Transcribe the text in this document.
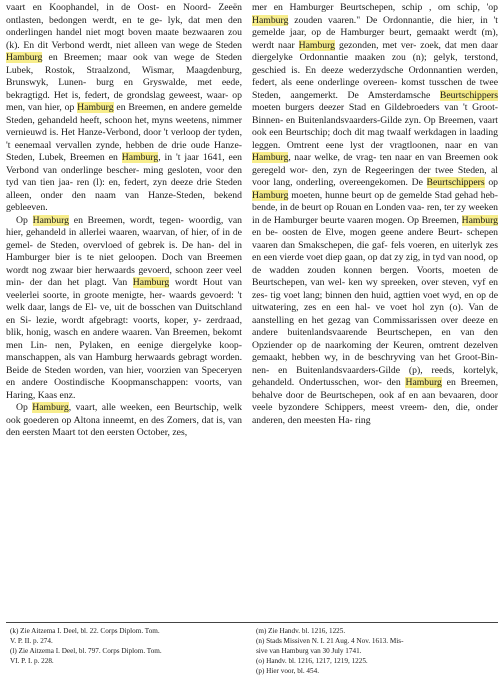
vaart en Koophandel, in de Oost- en Noord- Zeeën ontlasten, bedongen werdt, en te ge- lyk, dat men den onderlingen handel niet mogt boven maate bezwaaren zou (k). En dit Verbond werdt, niet alleen van wege de Steden Hamburg en Breemen; maar ook van wege de Steden Lubek, Rostok, Straalzond, Wismar, Maagdenburg, Brunswyk, Lunen- burg en Gryswalde, met eede, bekragtigd. Het is, federt, de grondslag geweest, waar- op men, van hier, op Hamburg en Breemen, en andere gemelde Steden, gehandeld heeft, schoon het, myns weetens, nimmer vernieuwd is. Het Hanze-Verbond, door 't verloop der tyden, 't eenemaal vervallen zynde, hebben de drie oude Hanze-Steden, Lubek, Breemen en Hamburg, in 't jaar 1641, een Verbond van onderlinge bescher- ming gesloten, voor den tyd van tien jaa- ren (l): en, federt, zyn deeze drie Steden alleen, onder den naam van Hanze-Steden, bekend gebleeven.

Op Hamburg en Breemen, wordt, tegen- woordig, van hier, gehandeld in allerlei waaren, waarvan, of hier, of in de gemel- de Steden, overvloed of gebrek is. De han- del in Hamburger bier is te niet geloopen. Doch van Breemen wordt nog zwaar bier herwaards gevoerd, schoon zeer veel min- der dan het plagt. Van Hamburg wordt Hout van veelerlei soorte, in groote menigte, her- waards gevoerd: 't welk daar, langs de El- ve, uit de bosschen van Duitschland en Si- lezie, wordt afgebragt: voorts, koper, y- zerdraad, blik, honig, wasch en andere waaren. Van Breemen, bekomt men Lin- nen, Pylaken, en eenige diergelyke koop- manschappen, als van Hamburg herwaards gebragt worden. Beide de Steden worden, van hier, voorzien van Speceryen en andere Oostindische Koopmanschappen: voorts, van Haring, Kaas enz.

Op Hamburg, vaart, alle weeken, een Beurtschip, welk ook goederen op Altona inneemt, en des Zomers, dat is, van den eersten Maart tot den eersten October, zes,

mer en Hamburger Beurtschepen, schip , om schip, 'op Hamburg zouden vaaren." De Ordonnantie, die hier, in 't gemelde jaar, op de Hamburger beurt, gemaakt werdt (m), werdt naar Hamburg gezonden, met ver- zoek, dat men daar diergelyke Ordonnantie maaken zou (n); gelyk, terstond, geschied is. En deeze wederzydsche Ordonnantien werden, federt, als eene onderlinge overeen- komst tusschen de twee Steden, aangemerkt. De Amsterdamsche Beurtschippers moeten burgers deezer Stad en Gildebroeders van 't Groot-Binnen- en Buitenlandsvaarders-Gilde zyn. Op Breemen, vaart ook een Beurtschip; doch dit mag twaalf werkdagen in laading leggen. Omtrent eene lyst der vragtloonen, naar en van Hamburg, naar welke, de vrag- ten naar en van Breemen ook geregeld wor- den, zyn de Regeeringen der twee Steden, al voor lang, onderling, overeengekomen. De Beurtschippers op Hamburg moeten, hunne beurt op de gemelde Stad gehad heb- bende, in de beurt op Rouan en Londen vaa- ren, ter zy weeken in de Hamburger beurte vaaren mogen. Op Breemen, Hamburg en be- oosten de Elve, mogen geene andere Beurt- schepen vaaren dan Smakschepen, die gaf- fels voeren, en uiterlyk zes en een vierde voet diep gaan, op dat zy zig, in tyd van nood, op de wadden zouden konnen bergen. Voorts, moeten de Beurtschepen, van wel- ken wy spreeken, over steven, vyf en zes- tig voet lang; binnen den huid, agttien voet wyd, en op de uitwatering, zes en een hal- ve voet hol zyn (o). Van de aanstelling en het gezag van Commissarissen over deeze en andere buitenlandsvaarende Beurtschepen, en van den Opziender op de naarkoming der Keuren, omtrent dezelven gemaakt, hebben wy, in de beschryving van het Groot-Bin- nen- en Buitenlandsvaarders-Gilde (p), reeds, kortelyk, gehandeld. Ondertusschen, wor- den Hamburg en Breemen, behalve door de Beurtschepen, ook af en aan bevaaren, door veele byzondere Schippers, meest vreem- den, die, onder anderen, den meesten Ha- ring

(k) Zie Aitzema I. Deel, bl. 22. Corps Diplom. Tom.
V. P. II. p. 274.
(l) Zie Aitzema I. Deel, bl. 797. Corps Diplom. Tom.
VI. P. I. p. 228.
(m) Zie Handv. bl. 1216, 1225.
(n) Stads Missiven N. I. 21 Aug. 4 Nov. 1613. Mis-
sive van Hamburg van 30 July 1741.
(o) Handv. bl. 1216, 1217, 1219, 1225.
(p) Hier voor, bl. 454.
